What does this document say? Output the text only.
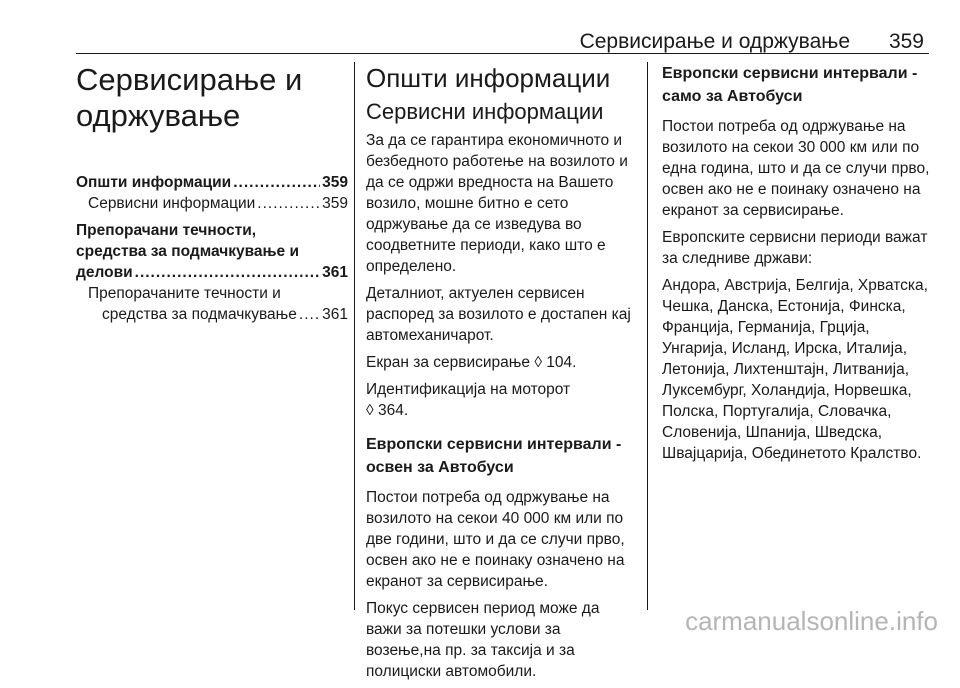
Сервисирање и одржување 359
Сервисирање и
одржување
Општи информации .....	359
Сервисни информации .....	359
Препорачани течности,
средства за подмачкување и
делови .....	361
Препорачаните течности и
средства за подмачкување ..... 361
Општи информации
Сервисни информации

За да се гарантира економичното и безбедното работење на возилото и да се одржи вредноста на Вашето возило, мошне битно е сето одржување да се изведува во соодветните периоди, како што е определено.

Деталниот, актуелен сервисен распоред за возилото е достапен кај автомеханичарот.

Екран за сервисирање ◊ 104.

Идентификација на моторот
◊ 364.

Европски сервисни интервали - освен за Автобуси

Постои потреба од одржување на возилото на секои 40 000 км или по две години, што и да се случи прво, освен ако не е поинаку означено на екранот за сервисирање.

Покус сервисен период може да важи за потешки услови за возење,на пр. за таксија и за полициски автомобили.

Европски сервисни интервали - само за Автобуси

Постои потреба од одржување на возилото на секои 30 000 км или по една година, што и да се случи прво, освен ако не е поинаку означено на екранот за сервисирање.

Европските сервисни периоди важат за следниве држави:

Андора, Австрија, Белгија, Хрватска, Чешка, Данска, Естонија, Финска, Франција, Германија, Грција, Унгарија, Исланд, Ирска, Италија, Летонија, Лихтенштајн, Литванија, Луксембург, Холандија, Норвешка, Полска, Португалија, Словачка, Словенија, Шпанија, Шведска, Швајцарија, Обединетото Кралство.

carmanualsonline.info
